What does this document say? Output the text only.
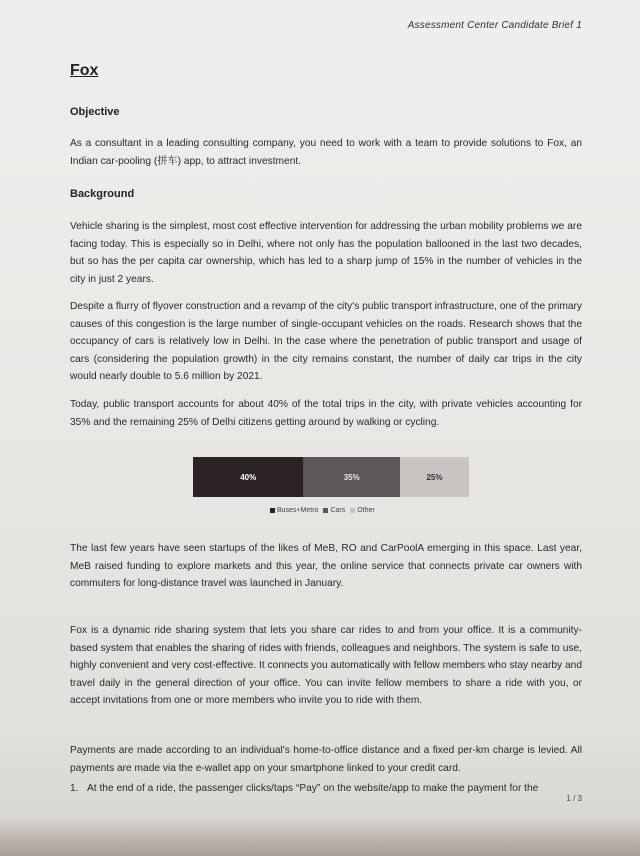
Assessment Center Candidate Brief 1
Fox
Objective
As a consultant in a leading consulting company, you need to work with a team to provide solutions to Fox, an Indian car-pooling (拼车) app, to attract investment.
Background
Vehicle sharing is the simplest, most cost effective intervention for addressing the urban mobility problems we are facing today. This is especially so in Delhi, where not only has the population ballooned in the last two decades, but so has the per capita car ownership, which has led to a sharp jump of 15% in the number of vehicles in the city in just 2 years.
Despite a flurry of flyover construction and a revamp of the city's public transport infrastructure, one of the primary causes of this congestion is the large number of single-occupant vehicles on the roads. Research shows that the occupancy of cars is relatively low in Delhi. In the case where the penetration of public transport and usage of cars (considering the population growth) in the city remains constant, the number of daily car trips in the city would nearly double to 5.6 million by 2021.
Today, public transport accounts for about 40% of the total trips in the city, with private vehicles accounting for 35% and the remaining 25% of Delhi citizens getting around by walking or cycling.
40%	35%	25%
Buses+Metro Cars Other
The last few years have seen startups of the likes of MeB, RO and CarPoolA emerging in this space. Last year, MeB raised funding to explore markets and this year, the online service that connects private car owners with commuters for long-distance travel was launched in January.
Fox is a dynamic ride sharing system that lets you share car rides to and from your office. It is a community-based system that enables the sharing of rides with friends, colleagues and neighbors. The system is safe to use, highly convenient and very cost-effective. It connects you automatically with fellow members who stay nearby and travel daily in the general direction of your office. You can invite fellow members to share a ride with you, or accept invitations from one or more members who invite you to ride with them.
Payments are made according to an individual's home-to-office distance and a fixed per-km charge is levied. All payments are made via the e-wallet app on your smartphone linked to your credit card.
1. At the end of a ride, the passenger clicks/taps “Pay” on the website/app to make the payment for the
1 / 3
